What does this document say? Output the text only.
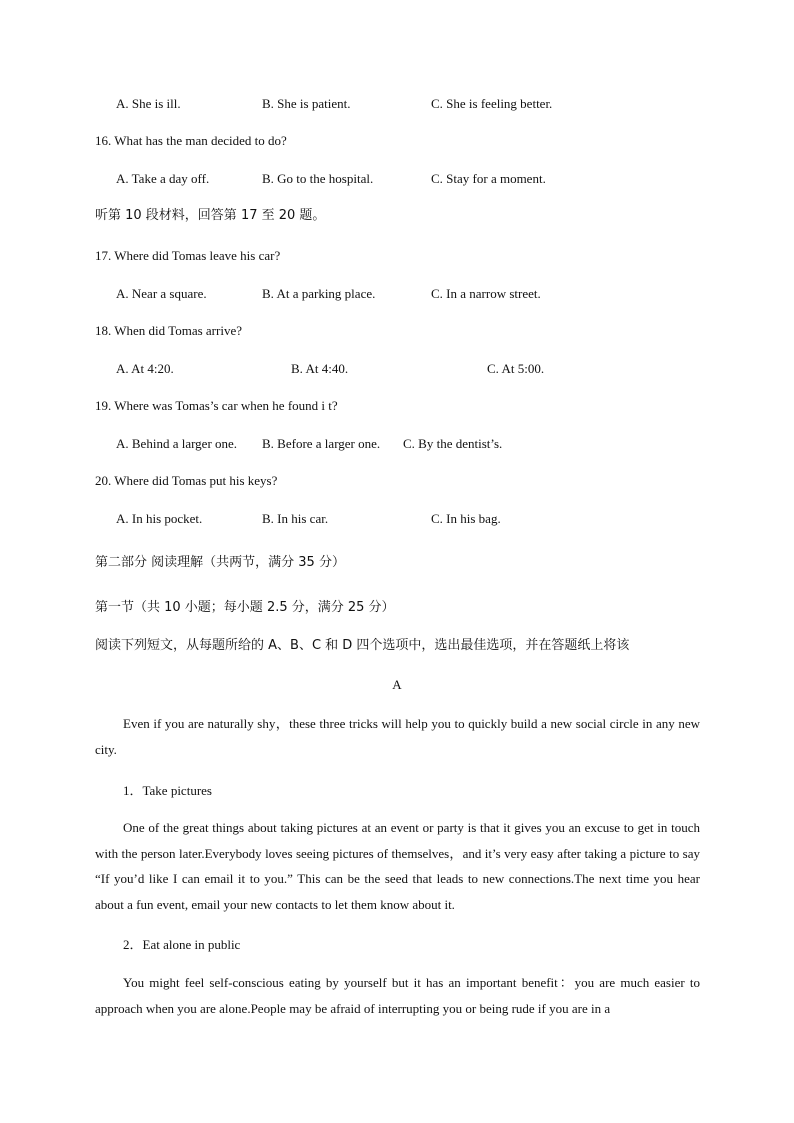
A. She is ill.	B. She is patient.	C. She is feeling better.
16. What has the man decided to do?
A. Take a day off.	B. Go to the hospital.	C. Stay for a moment.
听第 10 段材料，回答第 17 至 20 题。
17. Where did Tomas leave his car?
A. Near a square.	B. At a parking place.	C. In a narrow street.
18. When did Tomas arrive?
A. At 4:20.	B. At 4:40.	C. At 5:00.
19. Where was Tomas’s car when he found i t?
A. Behind a larger one. B. Before a larger one. C. By the dentist’s.
20. Where did Tomas put his keys?
A. In his pocket.	B. In his car.	C. In his bag.
第二部分 阅读理解（共两节，满分 35 分）
第一节（共 10 小题；每小题 2.5 分，满分 25 分）
阅读下列短文，从每题所给的 A、B、C 和 D 四个选项中，选出最佳选项，并在答题纸上将该
A
Even if you are naturally shy，these three tricks will help you to quickly build a new social circle in any new city.
1．Take pictures
One of the great things about taking pictures at an event or party is that it gives you an excuse to get in touch with the person later.Everybody loves seeing pictures of themselves，and it’s very easy after taking a picture to say “If you’d like I can email it to you.” This can be the seed that leads to new connections.The next time you hear about a fun event, email your new contacts to let them know about it.
2．Eat alone in public
You might feel self-conscious eating by yourself but it has an important benefit：you are much easier to approach when you are alone.People may be afraid of interrupting you or being rude if you are in a
